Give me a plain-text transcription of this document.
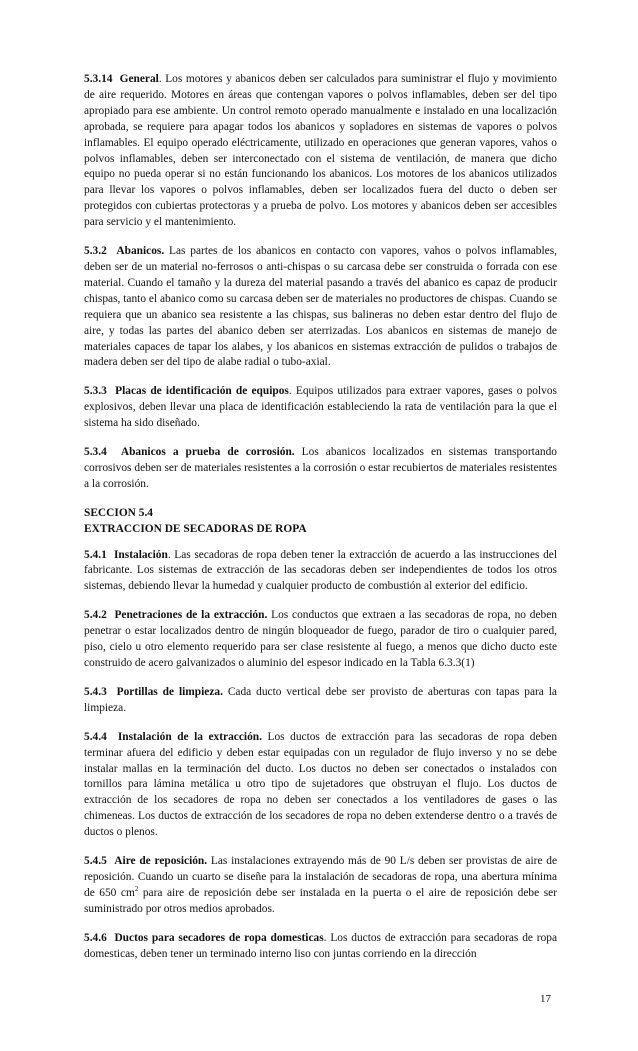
5.3.14 General. Los motores y abanicos deben ser calculados para suministrar el flujo y movimiento de aire requerido. Motores en áreas que contengan vapores o polvos inflamables, deben ser del tipo apropiado para ese ambiente. Un control remoto operado manualmente e instalado en una localización aprobada, se requiere para apagar todos los abanicos y sopladores en sistemas de vapores o polvos inflamables. El equipo operado eléctricamente, utilizado en operaciones que generan vapores, vahos o polvos inflamables, deben ser interconectado con el sistema de ventilación, de manera que dicho equipo no pueda operar si no están funcionando los abanicos. Los motores de los abanicos utilizados para llevar los vapores o polvos inflamables, deben ser localizados fuera del ducto o deben ser protegidos con cubiertas protectoras y a prueba de polvo. Los motores y abanicos deben ser accesibles para servicio y el mantenimiento.

5.3.2 Abanicos. Las partes de los abanicos en contacto con vapores, vahos o polvos inflamables, deben ser de un material no-ferrosos o anti-chispas o su carcasa debe ser construida o forrada con ese material. Cuando el tamaño y la dureza del material pasando a través del abanico es capaz de producir chispas, tanto el abanico como su carcasa deben ser de materiales no productores de chispas. Cuando se requiera que un abanico sea resistente a las chispas, sus balineras no deben estar dentro del flujo de aire, y todas las partes del abanico deben ser aterrizadas. Los abanicos en sistemas de manejo de materiales capaces de tapar los alabes, y los abanicos en sistemas extracción de pulidos o trabajos de madera deben ser del tipo de alabe radial o tubo-axial.

5.3.3 Placas de identificación de equipos. Equipos utilizados para extraer vapores, gases o polvos explosivos, deben llevar una placa de identificación estableciendo la rata de ventilación para la que el sistema ha sido diseñado.

5.3.4 Abanicos a prueba de corrosión. Los abanicos localizados en sistemas transportando corrosivos deben ser de materiales resistentes a la corrosión o estar recubiertos de materiales resistentes a la corrosión.

SECCION 5.4
EXTRACCION DE SECADORAS DE ROPA

5.4.1 Instalación. Las secadoras de ropa deben tener la extracción de acuerdo a las instrucciones del fabricante. Los sistemas de extracción de las secadoras deben ser independientes de todos los otros sistemas, debiendo llevar la humedad y cualquier producto de combustión al exterior del edificio.

5.4.2 Penetraciones de la extracción. Los conductos que extraen a las secadoras de ropa, no deben penetrar o estar localizados dentro de ningún bloqueador de fuego, parador de tiro o cualquier pared, piso, cielo u otro elemento requerido para ser clase resistente al fuego, a menos que dicho ducto este construido de acero galvanizados o aluminio del espesor indicado en la Tabla 6.3.3(1)

5.4.3 Portillas de limpieza. Cada ducto vertical debe ser provisto de aberturas con tapas para la limpieza.

5.4.4 Instalación de la extracción. Los ductos de extracción para las secadoras de ropa deben terminar afuera del edificio y deben estar equipadas con un regulador de flujo inverso y no se debe instalar mallas en la terminación del ducto. Los ductos no deben ser conectados o instalados con tornillos para lámina metálica u otro tipo de sujetadores que obstruyan el flujo. Los ductos de extracción de los secadores de ropa no deben ser conectados a los ventiladores de gases o las chimeneas. Los ductos de extracción de los secadores de ropa no deben extenderse dentro o a través de ductos o plenos.

5.4.5 Aire de reposición. Las instalaciones extrayendo más de 90 L/s deben ser provistas de aire de reposición. Cuando un cuarto se diseñe para la instalación de secadoras de ropa, una abertura mínima de 650 $cm^2$ para aire de reposición debe ser instalada en la puerta o el aire de reposición debe ser suministrado por otros medios aprobados.

5.4.6 Ductos para secadores de ropa domesticas. Los ductos de extracción para secadoras de ropa domesticas, deben tener un terminado interno liso con juntas corriendo en la dirección

17
